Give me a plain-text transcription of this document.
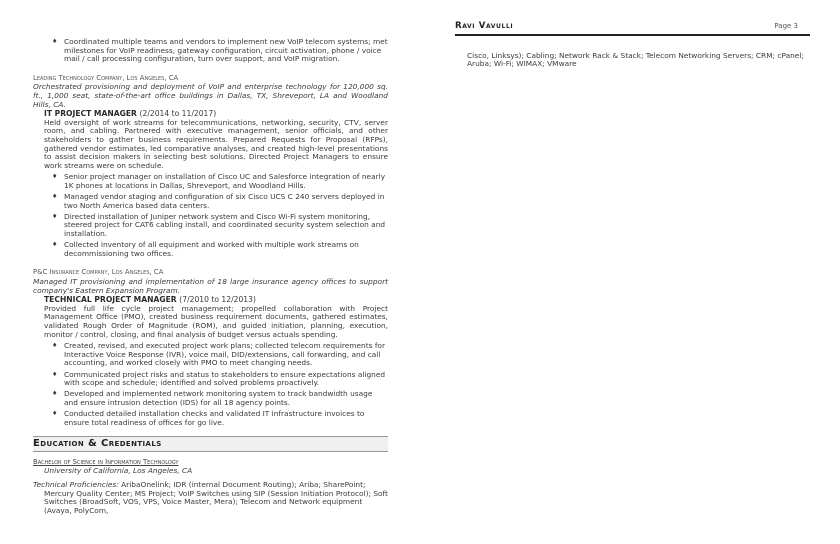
♦ Coordinated multiple teams and vendors to implement new VoIP telecom systems; met milestones for VoIP readiness, gateway configuration, circuit activation, phone / voice mail / call processing configuration, turn over support, and VoIP migration.
Leading Technology Company, Los Angeles, CA
Orchestrated provisioning and deployment of VoIP and enterprise technology for 120,000 sq. ft., 1,000 seat, state-of-the-art office buildings in Dallas, TX, Shreveport, LA and Woodland Hills, CA.
IT PROJECT MANAGER (2/2014 to 11/2017)
Held oversight of work streams for telecommunications, networking, security, CTV, server room, and cabling. Partnered with executive management, senior officials, and other stakeholders to gather business requirements. Prepared Requests for Proposal (RFPs), gathered vendor estimates, led comparative analyses, and created high-level presentations to assist decision makers in selecting best solutions. Directed Project Managers to ensure work streams were on schedule.
♦ Senior project manager on installation of Cisco UC and Salesforce integration of nearly 1K phones at locations in Dallas, Shreveport, and Woodland Hills.
♦ Managed vendor staging and configuration of six Cisco UCS C 240 servers deployed in two North America based data centers.
♦ Directed installation of Juniper network system and Cisco Wi-Fi system monitoring, steered project for CAT6 cabling install, and coordinated security system selection and installation.
♦ Collected inventory of all equipment and worked with multiple work streams on decommissioning two offices.
P&C Insurance Company, Los Angeles, CA
Managed IT provisioning and implementation of 18 large insurance agency offices to support company's Eastern Expansion Program.
TECHNICAL PROJECT MANAGER (7/2010 to 12/2013)
Provided full life cycle project management; propelled collaboration with Project Management Office (PMO), created business requirement documents, gathered estimates, validated Rough Order of Magnitude (ROM), and guided initiation, planning, execution, monitor / control, closing, and final analysis of budget versus actuals spending.
♦ Created, revised, and executed project work plans; collected telecom requirements for Interactive Voice Response (IVR), voice mail, DID/extensions, call forwarding, and call accounting, and worked closely with PMO to meet changing needs.
♦ Communicated project risks and status to stakeholders to ensure expectations aligned with scope and schedule; identified and solved problems proactively.
♦ Developed and implemented network monitoring system to track bandwidth usage and ensure intrusion detection (IDS) for all 18 agency points.
♦ Conducted detailed installation checks and validated IT infrastructure invoices to ensure total readiness of offices for go live.
Education & Credentials
Bachelor of Science in Information Technology
University of California, Los Angeles, CA
Technical Proficiencies: AribaOnelink; IDR (internal Document Routing); Ariba; SharePoint; Mercury Quality Center; MS Project; VoIP Switches using SIP (Session Initiation Protocol); Soft Switches (BroadSoft, VOS, VPS, Voice Master, Mera); Telecom and Network equipment (Avaya, PolyCom,
Ravi Vavulli	Page 3
Cisco, Linksys); Cabling; Network Rack & Stack; Telecom Networking Servers; CRM; cPanel; Aruba; Wi-Fi; WIMAX; VMware
